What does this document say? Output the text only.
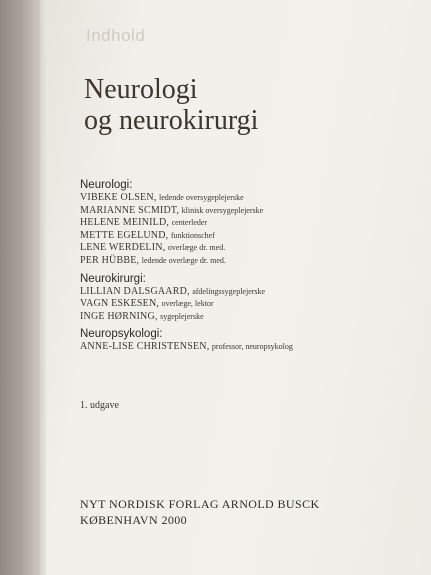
Indhold
Neurologi
og neurokirurgi
Neurologi:
VIBEKE OLSEN, ledende oversygeplejerske
MARIANNE SCMIDT, klinisk oversygeplejerske
HELENE MEINILD, centerleder
METTE EGELUND, funktionschef
LENE WERDELIN, overlæge dr. med.
PER HÜBBE, ledende overlæge dr. med.
Neurokirurgi:
LILLIAN DALSGAARD, afdelingssygeplejerske
VAGN ESKESEN, overlæge, lektor
INGE HØRNING, sygeplejerske
Neuropsykologi:
ANNE-LISE CHRISTENSEN, professor, neuropsykolog
1. udgave
NYT NORDISK FORLAG ARNOLD BUSCK
KØBENHAVN 2000
